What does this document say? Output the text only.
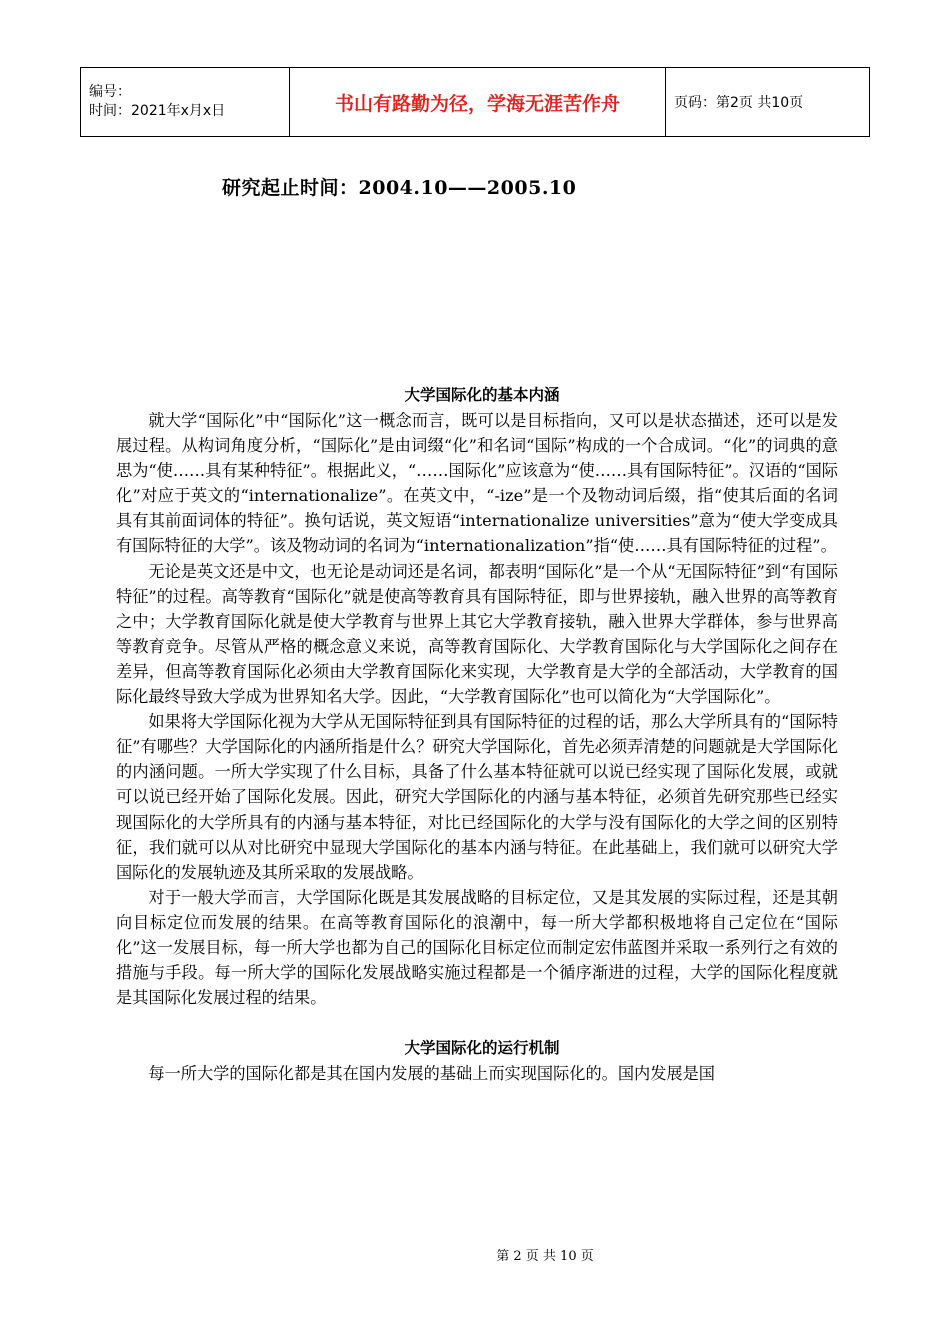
编号：
时间：2021年x月x日	书山有路勤为径，学海无涯苦作舟	页码：第2页 共10页
研究起止时间：2004.10——2005.10
大学国际化的基本内涵

就大学“国际化”中“国际化”这一概念而言，既可以是目标指向，又可以是状态描述，还可以是发展过程。从构词角度分析，“国际化”是由词缀“化”和名词“国际”构成的一个合成词。“化”的词典的意思为“使……具有某种特征”。根据此义，“……国际化”应该意为“使……具有国际特征”。汉语的“国际化”对应于英文的“internationalize”。在英文中，“-ize”是一个及物动词后缀，指“使其后面的名词具有其前面词体的特征”。换句话说，英文短语“internationalize universities”意为“使大学变成具有国际特征的大学”。该及物动词的名词为“internationalization”指“使……具有国际特征的过程”。

无论是英文还是中文，也无论是动词还是名词，都表明“国际化”是一个从“无国际特征”到“有国际特征”的过程。高等教育“国际化”就是使高等教育具有国际特征，即与世界接轨，融入世界的高等教育之中；大学教育国际化就是使大学教育与世界上其它大学教育接轨，融入世界大学群体，参与世界高等教育竞争。尽管从严格的概念意义来说，高等教育国际化、大学教育国际化与大学国际化之间存在差异，但高等教育国际化必须由大学教育国际化来实现，大学教育是大学的全部活动，大学教育的国际化最终导致大学成为世界知名大学。因此，“大学教育国际化”也可以简化为“大学国际化”。

如果将大学国际化视为大学从无国际特征到具有国际特征的过程的话，那么大学所具有的“国际特征”有哪些？大学国际化的内涵所指是什么？研究大学国际化，首先必须弄清楚的问题就是大学国际化的内涵问题。一所大学实现了什么目标，具备了什么基本特征就可以说已经实现了国际化发展，或就可以说已经开始了国际化发展。因此，研究大学国际化的内涵与基本特征，必须首先研究那些已经实现国际化的大学所具有的内涵与基本特征，对比已经国际化的大学与没有国际化的大学之间的区别特征，我们就可以从对比研究中显现大学国际化的基本内涵与特征。在此基础上，我们就可以研究大学国际化的发展轨迹及其所采取的发展战略。

对于一般大学而言，大学国际化既是其发展战略的目标定位，又是其发展的实际过程，还是其朝向目标定位而发展的结果。在高等教育国际化的浪潮中，每一所大学都积极地将自己定位在“国际化”这一发展目标，每一所大学也都为自己的国际化目标定位而制定宏伟蓝图并采取一系列行之有效的措施与手段。每一所大学的国际化发展战略实施过程都是一个循序渐进的过程，大学的国际化程度就是其国际化发展过程的结果。

大学国际化的运行机制

每一所大学的国际化都是其在国内发展的基础上而实现国际化的。国内发展是国

第 2 页 共 10 页
